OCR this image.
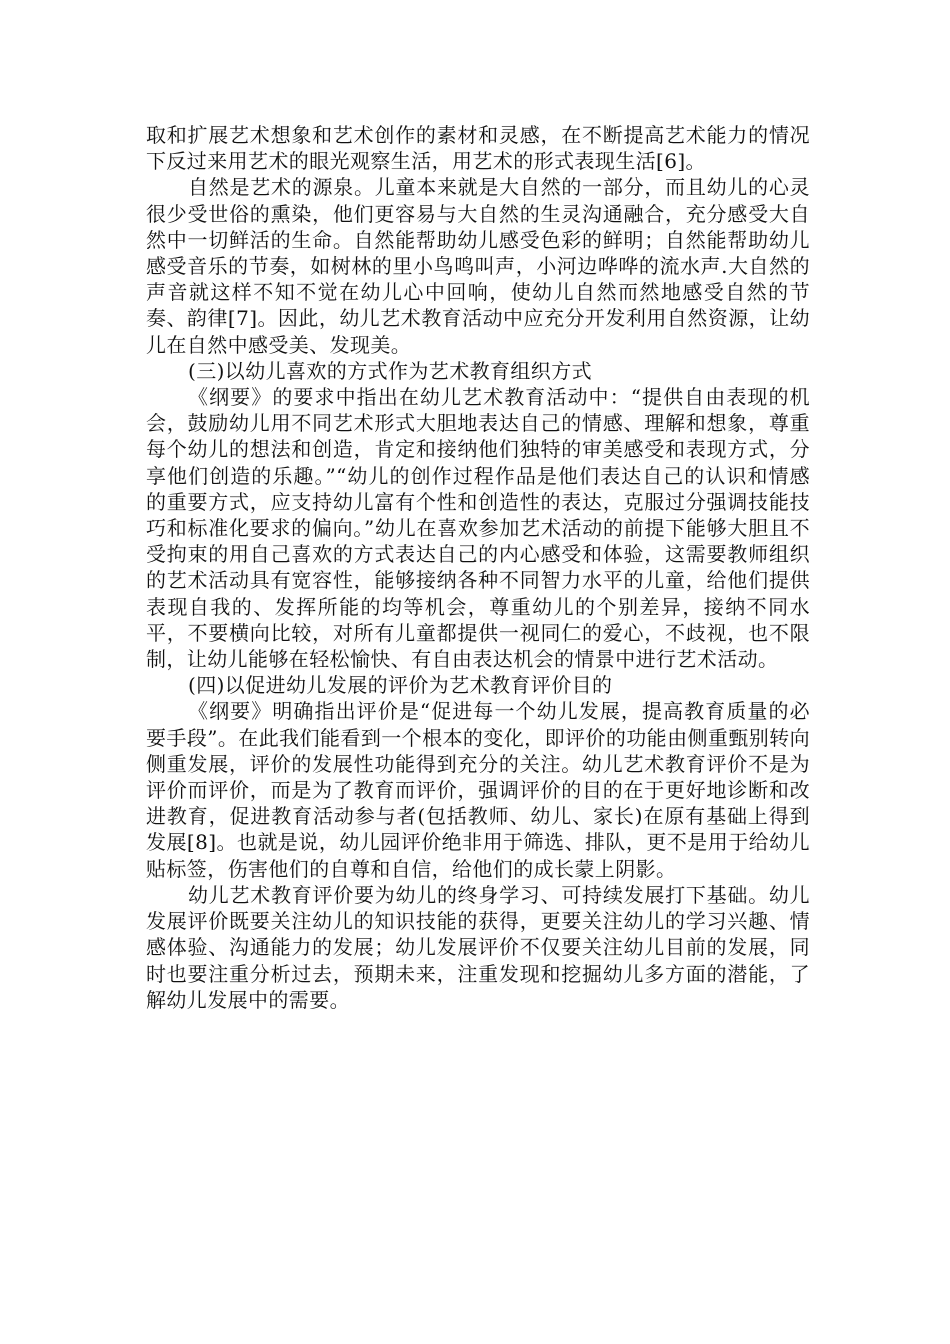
取和扩展艺术想象和艺术创作的素材和灵感，在不断提高艺术能力的情况下反过来用艺术的眼光观察生活，用艺术的形式表现生活[6]。

自然是艺术的源泉。儿童本来就是大自然的一部分，而且幼儿的心灵很少受世俗的熏染，他们更容易与大自然的生灵沟通融合，充分感受大自然中一切鲜活的生命。自然能帮助幼儿感受色彩的鲜明；自然能帮助幼儿感受音乐的节奏，如树林的里小鸟鸣叫声，小河边哗哗的流水声.大自然的声音就这样不知不觉在幼儿心中回响，使幼儿自然而然地感受自然的节奏、韵律[7]。因此，幼儿艺术教育活动中应充分开发利用自然资源，让幼儿在自然中感受美、发现美。

(三)以幼儿喜欢的方式作为艺术教育组织方式

《纲要》的要求中指出在幼儿艺术教育活动中：“提供自由表现的机会，鼓励幼儿用不同艺术形式大胆地表达自己的情感、理解和想象，尊重每个幼儿的想法和创造，肯定和接纳他们独特的审美感受和表现方式，分享他们创造的乐趣。”“幼儿的创作过程作品是他们表达自己的认识和情感的重要方式，应支持幼儿富有个性和创造性的表达，克服过分强调技能技巧和标准化要求的偏向。”幼儿在喜欢参加艺术活动的前提下能够大胆且不受拘束的用自己喜欢的方式表达自己的内心感受和体验，这需要教师组织的艺术活动具有宽容性，能够接纳各种不同智力水平的儿童，给他们提供表现自我的、发挥所能的均等机会，尊重幼儿的个别差异，接纳不同水平，不要横向比较，对所有儿童都提供一视同仁的爱心，不歧视，也不限制，让幼儿能够在轻松愉快、有自由表达机会的情景中进行艺术活动。

(四)以促进幼儿发展的评价为艺术教育评价目的

《纲要》明确指出评价是“促进每一个幼儿发展，提高教育质量的必要手段”。在此我们能看到一个根本的变化，即评价的功能由侧重甄别转向侧重发展，评价的发展性功能得到充分的关注。幼儿艺术教育评价不是为评价而评价，而是为了教育而评价，强调评价的目的在于更好地诊断和改进教育，促进教育活动参与者(包括教师、幼儿、家长)在原有基础上得到发展[8]。也就是说，幼儿园评价绝非用于筛选、排队，更不是用于给幼儿贴标签，伤害他们的自尊和自信，给他们的成长蒙上阴影。

幼儿艺术教育评价要为幼儿的终身学习、可持续发展打下基础。幼儿发展评价既要关注幼儿的知识技能的获得，更要关注幼儿的学习兴趣、情感体验、沟通能力的发展；幼儿发展评价不仅要关注幼儿目前的发展，同时也要注重分析过去，预期未来，注重发现和挖掘幼儿多方面的潜能，了解幼儿发展中的需要。
